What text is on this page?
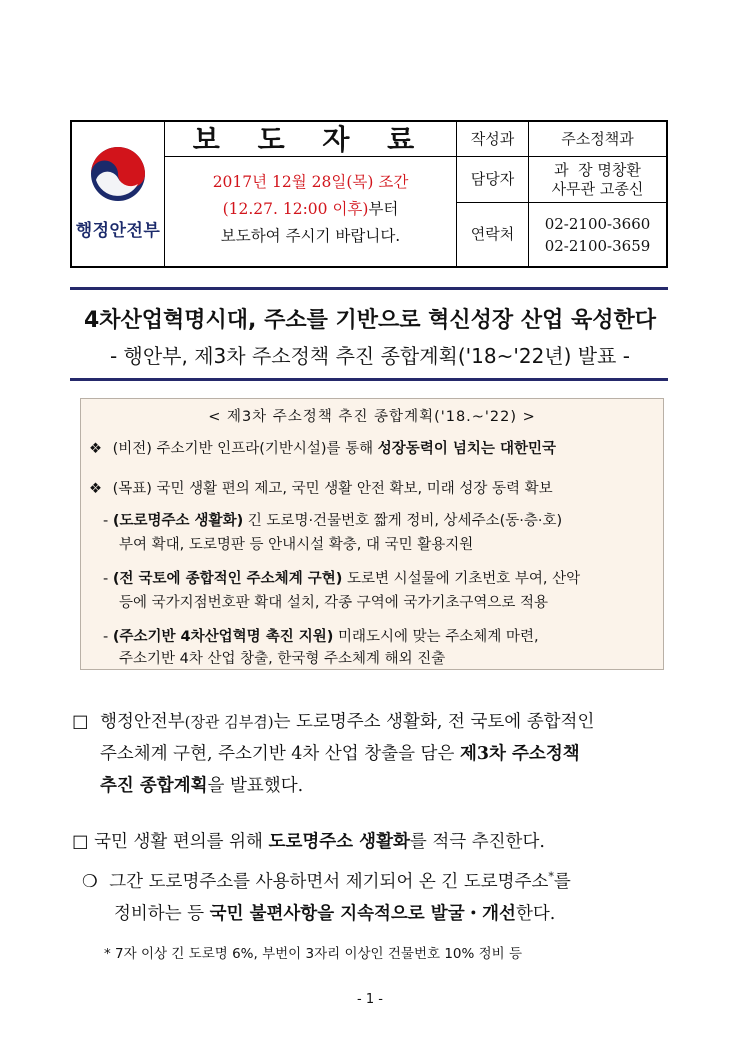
행정안전부
보 도 자 료
2017년 12월 28일(목) 조간
(12.27. 12:00 이후)부터
보도하여 주시기 바랍니다.
작성과
담당자
연락처
주소정책과
과  장 명창환
사무관 고종신
02-2100-3660
02-2100-3659
4차산업혁명시대, 주소를 기반으로 혁신성장 산업 육성한다
- 행안부, 제3차 주소정책 추진 종합계획('18~'22년) 발표 -
< 제3차 주소정책 추진 종합계획('18.~'22) >
❖ (비전) 주소기반 인프라(기반시설)를 통해 성장동력이 넘치는 대한민국
❖ (목표) 국민 생활 편의 제고, 국민 생활 안전 확보, 미래 성장 동력 확보
- (도로명주소 생활화) 긴 도로명·건물번호 짧게 정비, 상세주소(동·층·호)
부여 확대, 도로명판 등 안내시설 확충, 대 국민 활용지원
- (전 국토에 종합적인 주소체계 구현) 도로변 시설물에 기초번호 부여, 산악
등에 국가지점번호판 확대 설치, 각종 구역에 국가기초구역으로 적용
- (주소기반 4차산업혁명 촉진 지원) 미래도시에 맞는 주소체계 마련,
주소기반 4차 산업 창출, 한국형 주소체계 해외 진출
□ 행정안전부(장관 김부겸)는 도로명주소 생활화, 전 국토에 종합적인
주소체계 구현, 주소기반 4차 산업 창출을 담은 제3차 주소정책
추진 종합계획을 발표했다.
□ 국민 생활 편의를 위해 도로명주소 생활화를 적극 추진한다.
❍ 그간 도로명주소를 사용하면서 제기되어 온 긴 도로명주소*를
정비하는 등 국민 불편사항을 지속적으로 발굴・개선한다.
* 7자 이상 긴 도로명 6%, 부번이 3자리 이상인 건물번호 10% 정비 등
- 1 -
